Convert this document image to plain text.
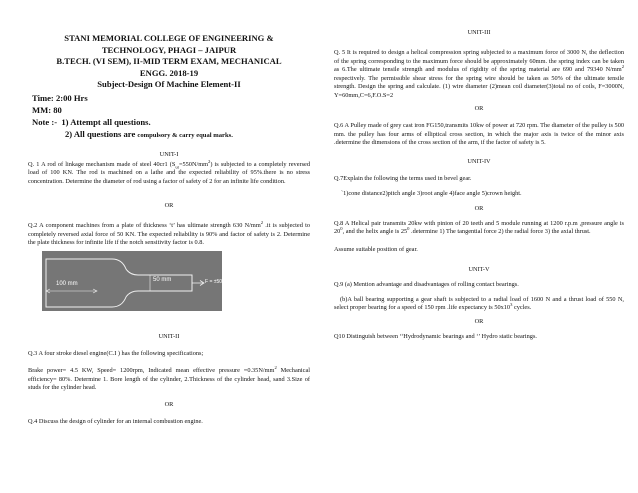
STANI MEMORIAL COLLEGE OF ENGINEERING &
TECHNOLOGY, PHAGI – JAIPUR
B.TECH. (VI SEM), II-MID TERM EXAM, MECHANICAL
ENGG. 2018-19
Subject-Design Of Machine Element-II
Time: 2:00 Hrs
MM: 80
Note :- 1) Attempt all questions.
2) All questions are compulsory & carry equal marks.
UNIT-I

Q. 1 A rod of linkage mechanism made of steel 40cr1 $(S_{ut}=550N/mm^2)$ is subjected to a completely reversed load of 100 KN. The rod is machined on a lathe and the expected reliability of 95%.there is no stress concentration. Determine the diameter of rod using a factor of safety of 2 for an infinite life condition.

OR

Q.2 A component machines from a plate of thickness ‘t’ has ultimate strength 630 $N/mm^2$ .it is subjected to completely reversed axial force of 50 KN. The expected reliability is 90% and factor of safety is 2. Determine the plate thickness for infinite life if the notch sensitivity factor is 0.8.

100 mm
50 mm	F = ±50 KN
UNIT-II

Q.3 A four stroke diesel engine(C.I ) has the following specifications;

Brake power= 4.5 KW, Speed= 1200rpm, Indicated mean effective pressure $=0.35N/mm^2$ Mechanical efficiency= 80%. Determine 1. Bore length of the cylinder, 2.Thickness of the cylinder head, sand 3.Size of studs for the cylinder head.

OR

Q.4 Discuss the design of cylinder for an internal combustion engine.

UNIT-III

Q. 5 It is required to design a helical compression spring subjected to a maximum force of 3000 N, the deflection of the spring corresponding to the maximum force should be approximately 60mm. the spring index can be taken as 6.The ultimate tensile strength and modulus of rigidity of the spring material are 690 and 79340 $N/mm^2$ respectively. The permissible shear stress for the spring wire should be taken as 50% of the ultimate tensile strength. Design the spring and calculate. (1) wire diameter (2)mean coil diameter(3)total no of coils, F=3000N, Y=60mm,C=6,F.O.S=2

OR

Q.6 A Pulley made of grey cast iron FG150,transmits 10kw of power at 720 rpm. The diameter of the pulley is 500 mm. the pulley has four arms of elliptical cross section, in which the major axis is twice of the minor axis .determine the dimensions of the cross section of the arm, if the factor of safety is 5.

UNIT-IV

Q.7Explain the following the terms used in bevel gear.

`1)cone distance2)pitch angle 3)root angle 4)face angle 5)crown height.

OR

Q.8 A Helical pair transmits 20kw with pinion of 20 teeth and 5 module running at 1200 r.p.m ,pressure angle is $20^0$, and the helix angle is $25^0$ .determine 1) The tangential force 2) the radial force 3) the axial thrust.

Assume suitable position of gear.

UNIT-V

Q.9 (a) Mention advantage and disadvantages of rolling contact bearings.

(b)A ball bearing supporting a gear shaft is subjected to a radial load of 1600 N and a thrust load of 550 N, select proper bearing for a speed of 150 rpm .life expectancy is $50x10^3$ cycles.

OR

Q10 Distinguish between ‘‘Hydrodynamic bearings and ‘’ Hydro static bearings.
